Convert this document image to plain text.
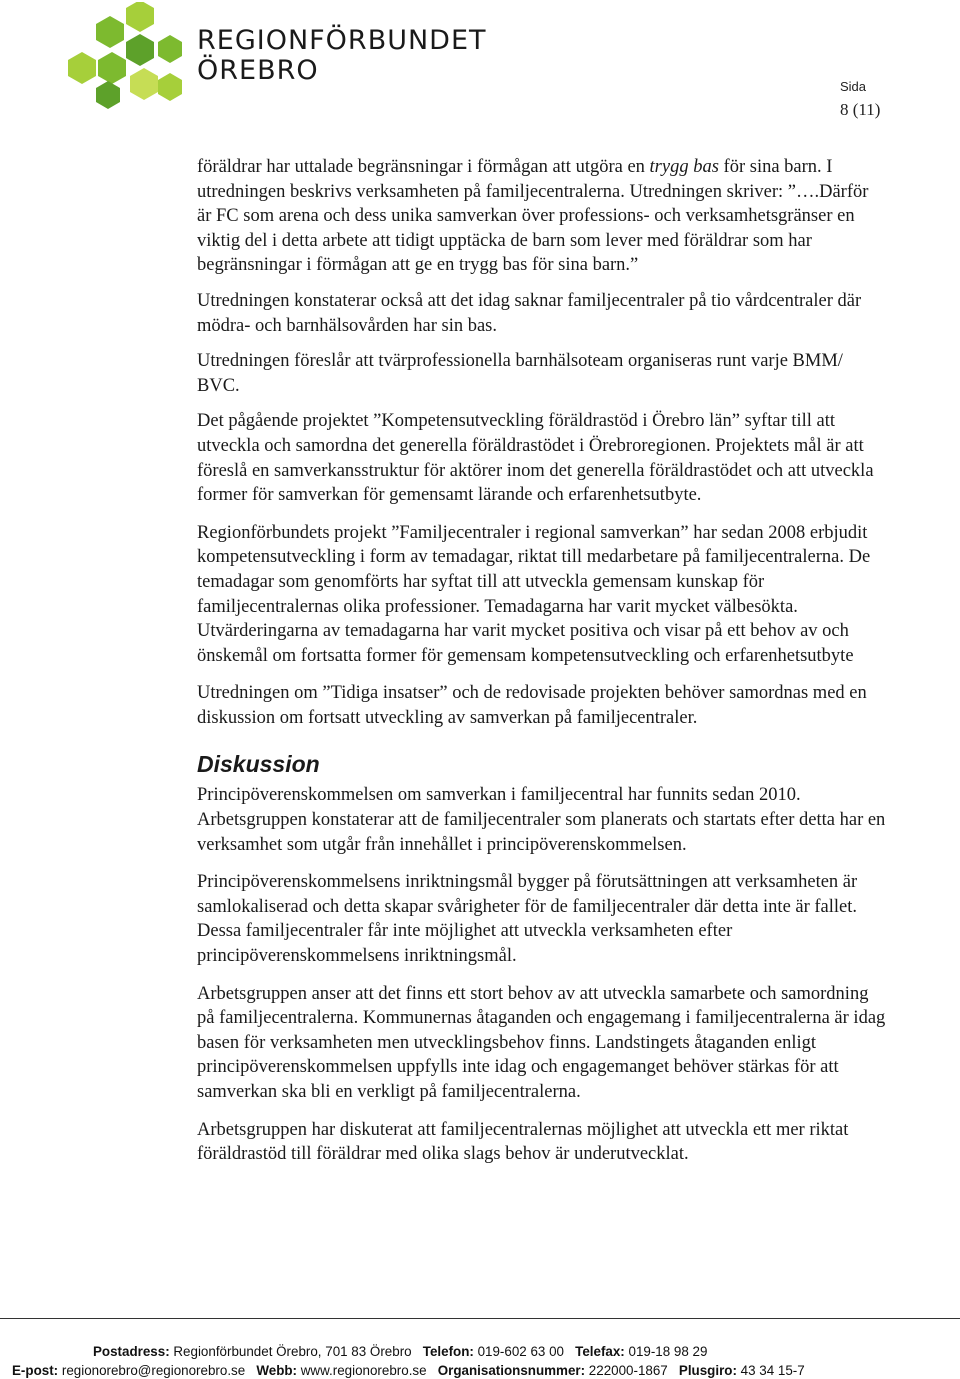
REGIONFÖRBUNDET
ÖREBRO
Sida
8 (11)

föräldrar har uttalade begränsningar i förmågan att utgöra en trygg bas för sina barn. I utredningen beskrivs verksamheten på familjecentralerna. Utredningen skriver: ”….Därför är FC som arena och dess unika samverkan över professions- och verksamhetsgränser en viktig del i detta arbete att tidigt upptäcka de barn som lever med föräldrar som har begränsningar i förmågan att ge en trygg bas för sina barn.”

Utredningen konstaterar också att det idag saknar familjecentraler på tio vårdcentraler där mödra- och barnhälsovården har sin bas.

Utredningen föreslår att tvärprofessionella barnhälsoteam organiseras runt varje BMM/ BVC.

Det pågående projektet ”Kompetensutveckling föräldrastöd i Örebro län” syftar till att utveckla och samordna det generella föräldrastödet i Örebroregionen. Projektets mål är att föreslå en samverkansstruktur för aktörer inom det generella föräldrastödet och att utveckla former för samverkan för gemensamt lärande och erfarenhetsutbyte.

Regionförbundets projekt ”Familjecentraler i regional samverkan” har sedan 2008 erbjudit kompetensutveckling i form av temadagar, riktat till medarbetare på familjecentralerna. De temadagar som genomförts har syftat till att utveckla gemensam kunskap för familjecentralernas olika professioner. Temadagarna har varit mycket välbesökta. Utvärderingarna av temadagarna har varit mycket positiva och visar på ett behov av och önskemål om fortsatta former för gemensam kompetensutveckling och erfarenhetsutbyte

Utredningen om ”Tidiga insatser” och de redovisade projekten behöver samordnas med en diskussion om fortsatt utveckling av samverkan på familjecentraler.

Diskussion

Principöverenskommelsen om samverkan i familjecentral har funnits sedan 2010. Arbetsgruppen konstaterar att de familjecentraler som planerats och startats efter detta har en verksamhet som utgår från innehållet i principöverenskommelsen.

Principöverenskommelsens inriktningsmål bygger på förutsättningen att verksamheten är samlokaliserad och detta skapar svårigheter för de familjecentraler där detta inte är fallet. Dessa familjecentraler får inte möjlighet att utveckla verksamheten efter principöverenskommelsens inriktningsmål.

Arbetsgruppen anser att det finns ett stort behov av att utveckla samarbete och samordning på familjecentralerna. Kommunernas åtaganden och engagemang i familjecentralerna är idag basen för verksamheten men utvecklingsbehov finns. Landstingets åtaganden enligt principöverenskommelsen uppfylls inte idag och engagemanget behöver stärkas för att samverkan ska bli en verkligt på familjecentralerna.

Arbetsgruppen har diskuterat att familjecentralernas möjlighet att utveckla ett mer riktat föräldrastöd till föräldrar med olika slags behov är underutvecklat.

Postadress: Regionförbundet Örebro, 701 83 Örebro Telefon: 019-602 63 00 Telefax: 019-18 98 29
E-post: regionorebro@regionorebro.se Webb: www.regionorebro.se Organisationsnummer: 222000-1867 Plusgiro: 43 34 15-7
